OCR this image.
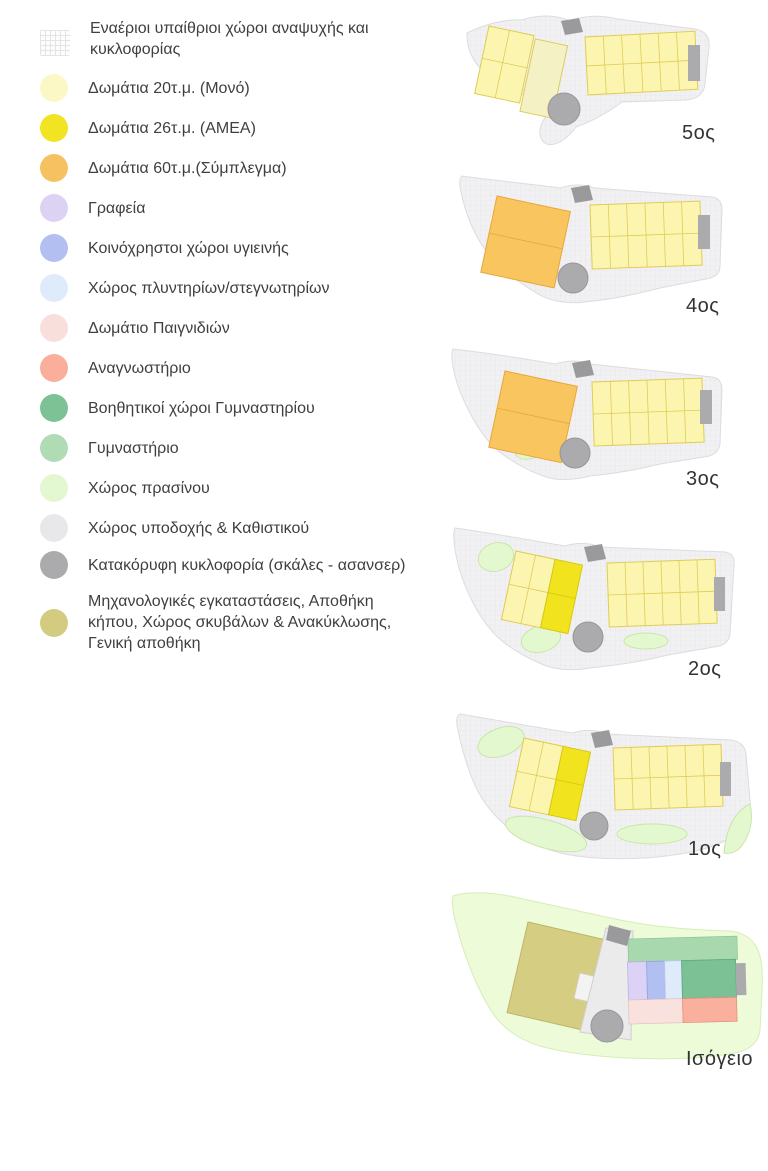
Εναέριοι υπαίθριοι χώροι αναψυχής και κυκλοφορίας
Δωμάτια 20τ.μ. (Μονό)
Δωμάτια 26τ.μ. (ΑΜΕΑ)
Δωμάτια 60τ.μ.(Σύμπλεγμα)
Γραφεία
Κοινόχρηστοι χώροι υγιεινής
Χώρος πλυντηρίων/στεγνωτηρίων
Δωμάτιο Παιγνιδιών
Αναγνωστήριο
Βοηθητικοί χώροι Γυμναστηρίου
Γυμναστήριο
Χώρος πρασίνου
Χώρος υποδοχής & Καθιστικού
Κατακόρυφη κυκλοφορία (σκάλες - ασανσερ)
Μηχανολογικές εγκαταστάσεις, Αποθήκη κήπου, Χώρος σκυβάλων & Ανακύκλωσης, Γενική αποθήκη
5ος
4ος
3ος
2ος
1ος
Ισόγειο
